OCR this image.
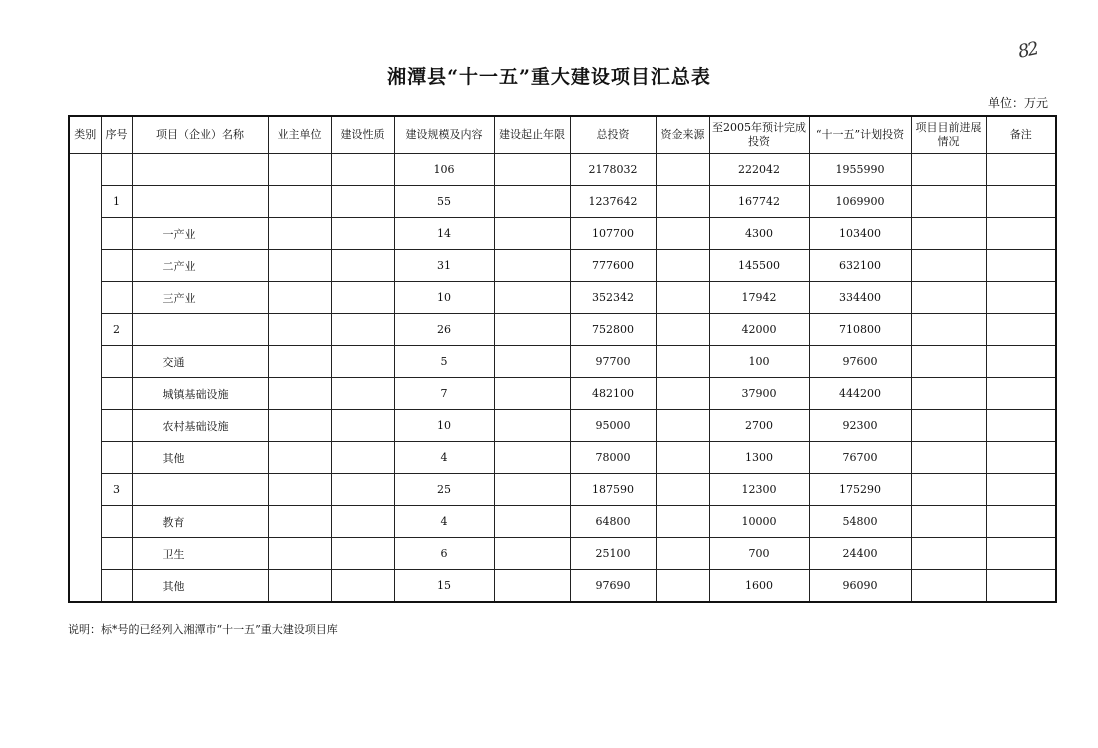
82
湘潭县“十一五”重大建设项目汇总表
单位：万元
类别	序号	项目（企业）名称	业主单位	建设性质	建设规模及内容	建设起止年限	总投资	资金来源	至2005年预计完成投资	“十一五”计划投资	项目目前进展情况	备注
					106		2178032		222042	1955990		
	1				55		1237642		167742	1069900		
		一产业			14		107700		4300	103400		
		二产业			31		777600		145500	632100		
		三产业			10		352342		17942	334400		
	2				26		752800		42000	710800		
		交通			5		97700		100	97600		
		城镇基础设施			7		482100		37900	444200		
		农村基础设施			10		95000		2700	92300		
		其他			4		78000		1300	76700		
	3				25		187590		12300	175290		
		教育			4		64800		10000	54800		
		卫生			6		25100		700	24400		
		其他			15		97690		1600	96090		
说明：标*号的已经列入湘潭市“十一五”重大建设项目库
